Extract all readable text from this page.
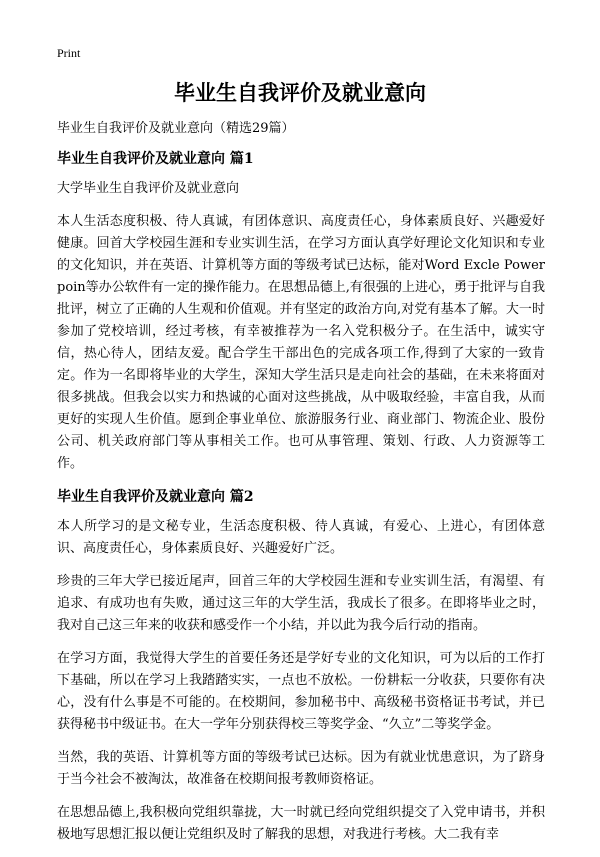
Print
毕业生自我评价及就业意向

毕业生自我评价及就业意向（精选29篇）

毕业生自我评价及就业意向 篇1

大学毕业生自我评价及就业意向

本人生活态度积极、待人真诚，有团体意识、高度责任心，身体素质良好、兴趣爱好健康。回首大学校园生涯和专业实训生活，在学习方面认真学好理论文化知识和专业的文化知识，并在英语、计算机等方面的等级考试已达标，能对Word Excle Powerpoin等办公软件有一定的操作能力。在思想品德上,有很强的上进心，勇于批评与自我批评，树立了正确的人生观和价值观。并有坚定的政治方向,对党有基本了解。大一时参加了党校培训，经过考核，有幸被推荐为一名入党积极分子。在生活中，诚实守信，热心待人，团结友爱。配合学生干部出色的完成各项工作,得到了大家的一致肯定。作为一名即将毕业的大学生，深知大学生活只是走向社会的基础，在未来将面对很多挑战。但我会以实力和热诚的心面对这些挑战，从中吸取经验，丰富自我，从而更好的实现人生价值。愿到企事业单位、旅游服务行业、商业部门、物流企业、股份公司、机关政府部门等从事相关工作。也可从事管理、策划、行政、人力资源等工作。

毕业生自我评价及就业意向 篇2

本人所学习的是文秘专业，生活态度积极、待人真诚，有爱心、上进心，有团体意识、高度责任心，身体素质良好、兴趣爱好广泛。

珍贵的三年大学已接近尾声，回首三年的大学校园生涯和专业实训生活，有渴望、有追求、有成功也有失败，通过这三年的大学生活，我成长了很多。在即将毕业之时，我对自己这三年来的收获和感受作一个小结，并以此为我今后行动的指南。

在学习方面，我觉得大学生的首要任务还是学好专业的文化知识，可为以后的工作打下基础，所以在学习上我踏踏实实，一点也不放松。一份耕耘一分收获，只要你有决心，没有什么事是不可能的。在校期间，参加秘书中、高级秘书资格证书考试，并已获得秘书中级证书。在大一学年分别获得校三等奖学金、“久立”二等奖学金。

当然，我的英语、计算机等方面的等级考试已达标。因为有就业忧患意识，为了跻身于当今社会不被淘汰，故准备在校期间报考教师资格证。

在思想品德上,我积极向党组织靠拢，大一时就已经向党组织提交了入党申请书，并积极地写思想汇报以便让党组织及时了解我的思想，对我进行考核。大二我有幸
